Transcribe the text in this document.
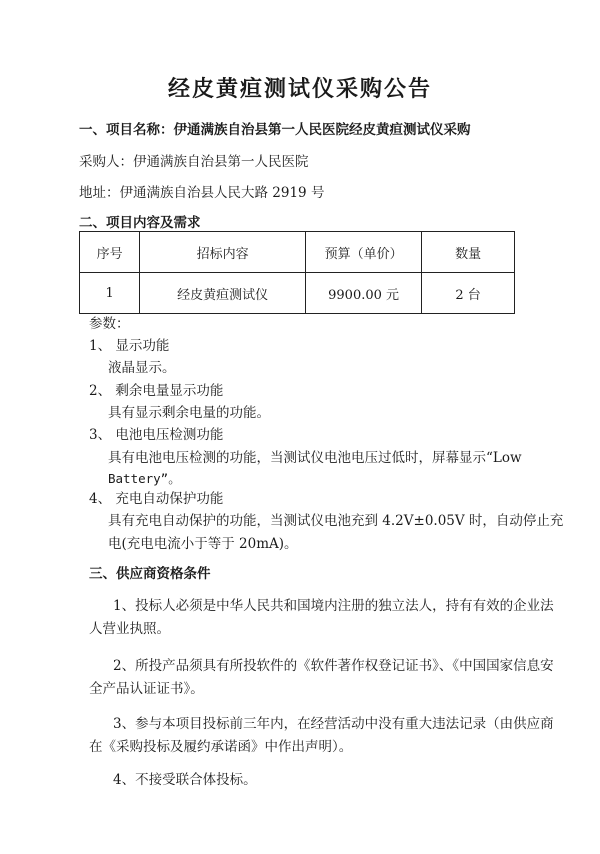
经皮黄疸测试仪采购公告
一、项目名称：伊通满族自治县第一人民医院经皮黄疸测试仪采购
采购人：伊通满族自治县第一人民医院
地址：伊通满族自治县人民大路 2919 号
二、项目内容及需求
序号	招标内容	预算（单价）	数量
1	经皮黄疸测试仪	9900.00 元	2 台
参数：
1、 显示功能
液晶显示。
2、 剩余电量显示功能
具有显示剩余电量的功能。
3、 电池电压检测功能
具有电池电压检测的功能，当测试仪电池电压过低时，屏幕显示“Low
Battery”。
4、 充电自动保护功能
具有充电自动保护的功能，当测试仪电池充到 4.2V±0.05V 时，自动停止充
电(充电电流小于等于 20mA)。
三、供应商资格条件
1、投标人必须是中华人民共和国境内注册的独立法人，持有有效的企业法
人营业执照。
2、所投产品须具有所投软件的《软件著作权登记证书》、《中国国家信息安
全产品认证证书》。
3、参与本项目投标前三年内，在经营活动中没有重大违法记录（由供应商
在《采购投标及履约承诺函》中作出声明）。
4、不接受联合体投标。
